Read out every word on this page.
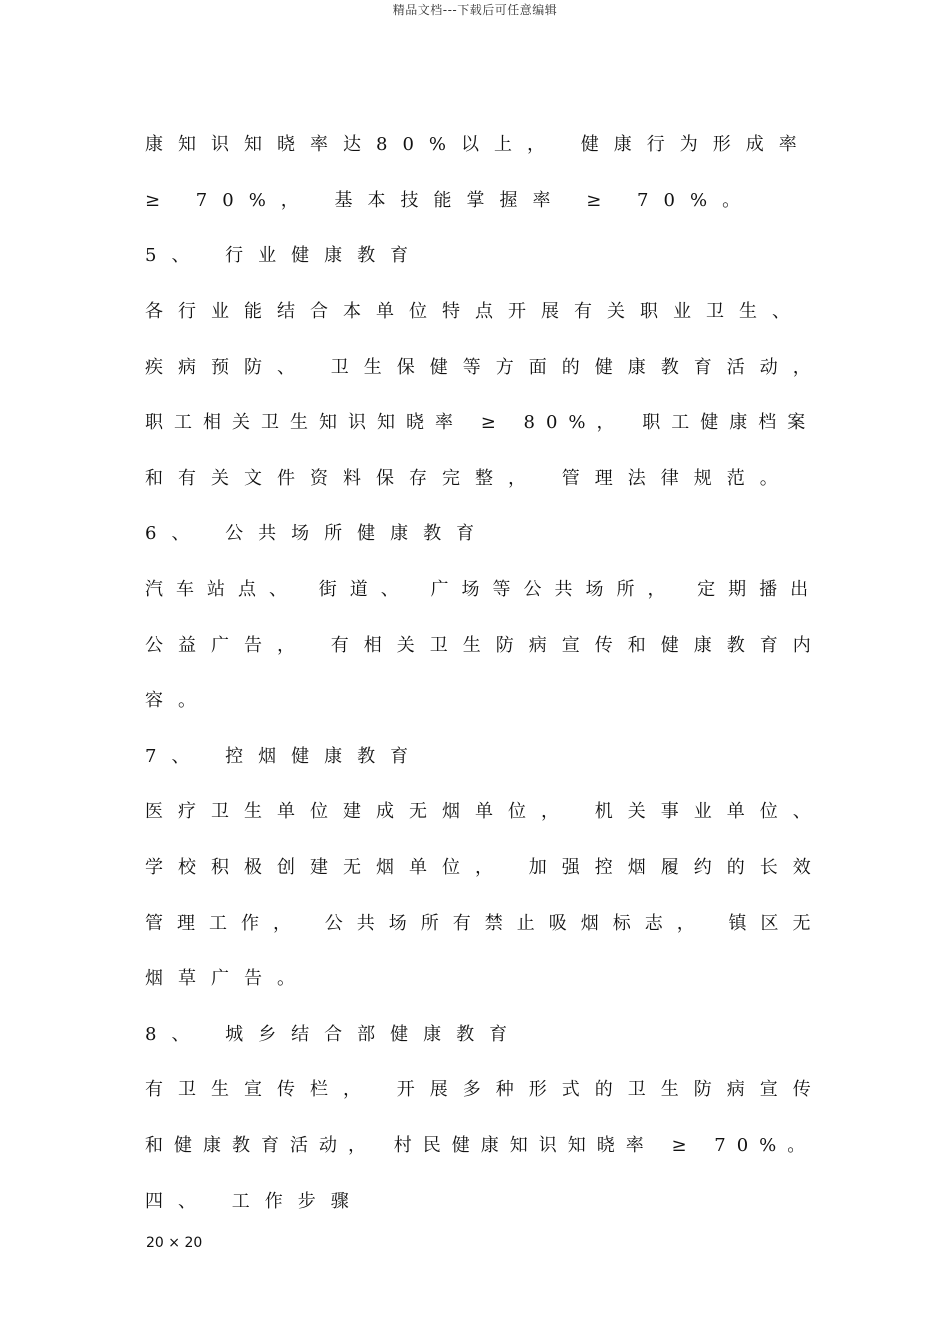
精品文档---下载后可任意编辑
康知识知晓率达80%以上， 健康行为形成率
≥ 70%， 基本技能掌握率 ≥ 70%。
5、 行业健康教育
各行业能结合本单位特点开展有关职业卫生、
疾病预防、 卫生保健等方面的健康教育活动，
职工相关卫生知识知晓率 ≥ 80%， 职工健康档案
和有关文件资料保存完整， 管理法律规范。
6、 公共场所健康教育
汽车站点、 街道、 广场等公共场所， 定期播出
公益广告， 有相关卫生防病宣传和健康教育内
容。
7、 控烟健康教育
医疗卫生单位建成无烟单位， 机关事业单位、
学校积极创建无烟单位， 加强控烟履约的长效
管理工作， 公共场所有禁止吸烟标志， 镇区无
烟草广告。
8、 城乡结合部健康教育
有卫生宣传栏， 开展多种形式的卫生防病宣传
和健康教育活动， 村民健康知识知晓率 ≥ 70%。
四、 工作步骤
20 × 20
